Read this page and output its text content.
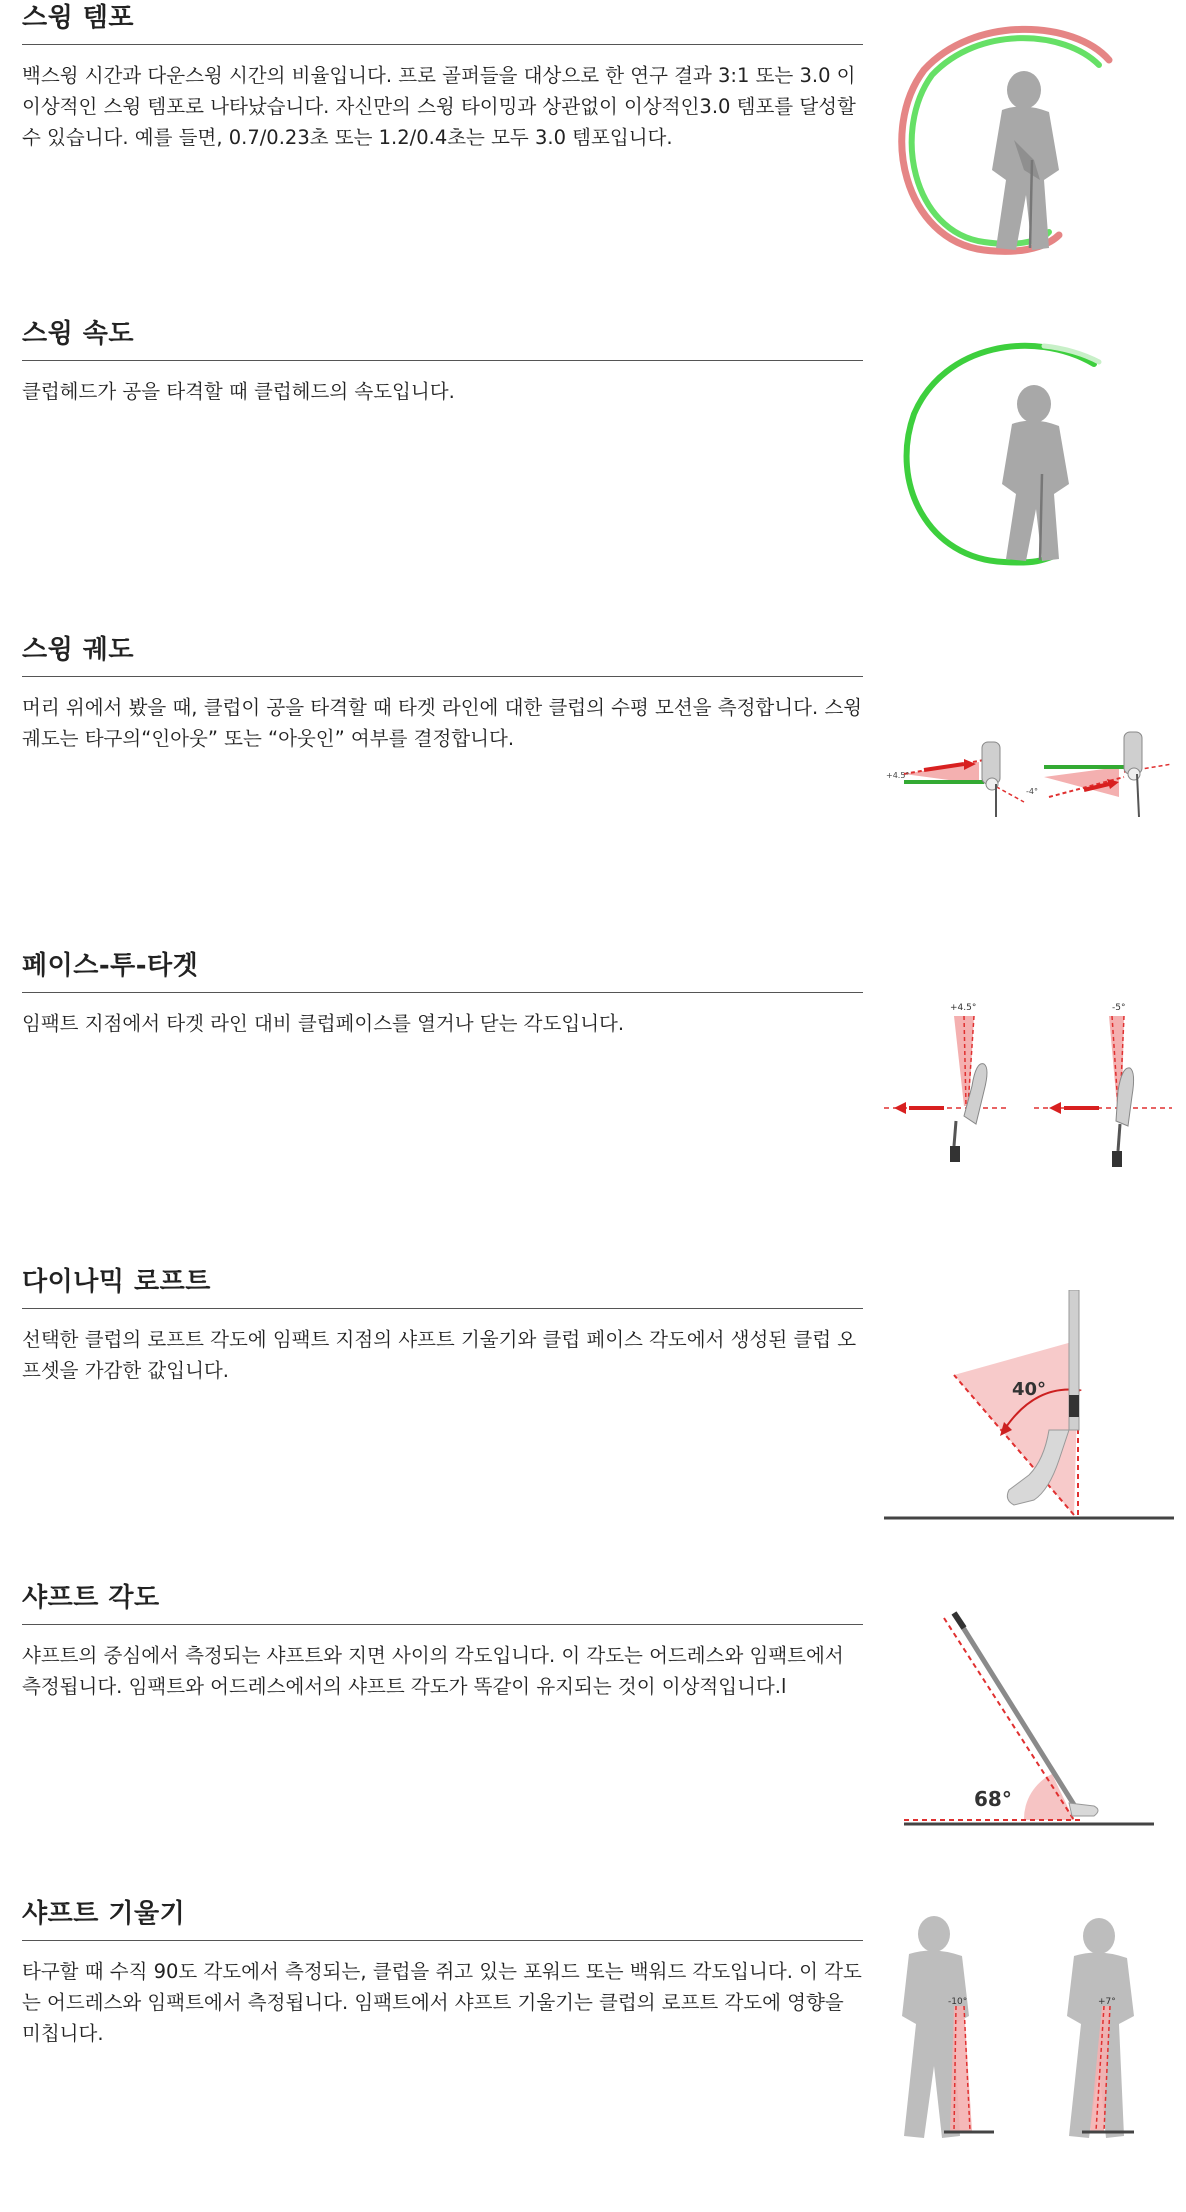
스윙 템포
백스윙 시간과 다운스윙 시간의 비율입니다. 프로 골퍼들을 대상으로 한 연구 결과 3:1 또는 3.0 이 이상적인 스윙 템포로 나타났습니다. 자신만의 스윙 타이밍과 상관없이 이상적인3.0 템포를 달성할 수 있습니다. 예를 들면, 0.7/0.23초 또는 1.2/0.4초는 모두 3.0 템포입니다.
스윙 속도
클럽헤드가 공을 타격할 때 클럽헤드의 속도입니다.
스윙 궤도
머리 위에서 봤을 때, 클럽이 공을 타격할 때 타겟 라인에 대한 클럽의 수평 모션을 측정합니다. 스윙 궤도는 타구의“인아웃” 또는 “아웃인” 여부를 결정합니다.
+4.5°
-4°
페이스-투-타겟
임팩트 지점에서 타겟 라인 대비 클럽페이스를 열거나 닫는 각도입니다.
+4.5°	-5°
다이나믹 로프트
선택한 클럽의 로프트 각도에 임팩트 지점의 샤프트 기울기와 클럽 페이스 각도에서 생성된 클럽 오프셋을 가감한 값입니다.
40°
샤프트 각도
샤프트의 중심에서 측정되는 샤프트와 지면 사이의 각도입니다. 이 각도는 어드레스와 임팩트에서 측정됩니다. 임팩트와 어드레스에서의 샤프트 각도가 똑같이 유지되는 것이 이상적입니다.l
68°
샤프트 기울기
타구할 때 수직 90도 각도에서 측정되는, 클럽을 쥐고 있는 포워드 또는 백워드 각도입니다. 이 각도는 어드레스와 임팩트에서 측정됩니다. 임팩트에서 샤프트 기울기는 클럽의 로프트 각도에 영향을 미칩니다.
-10°	+7°
